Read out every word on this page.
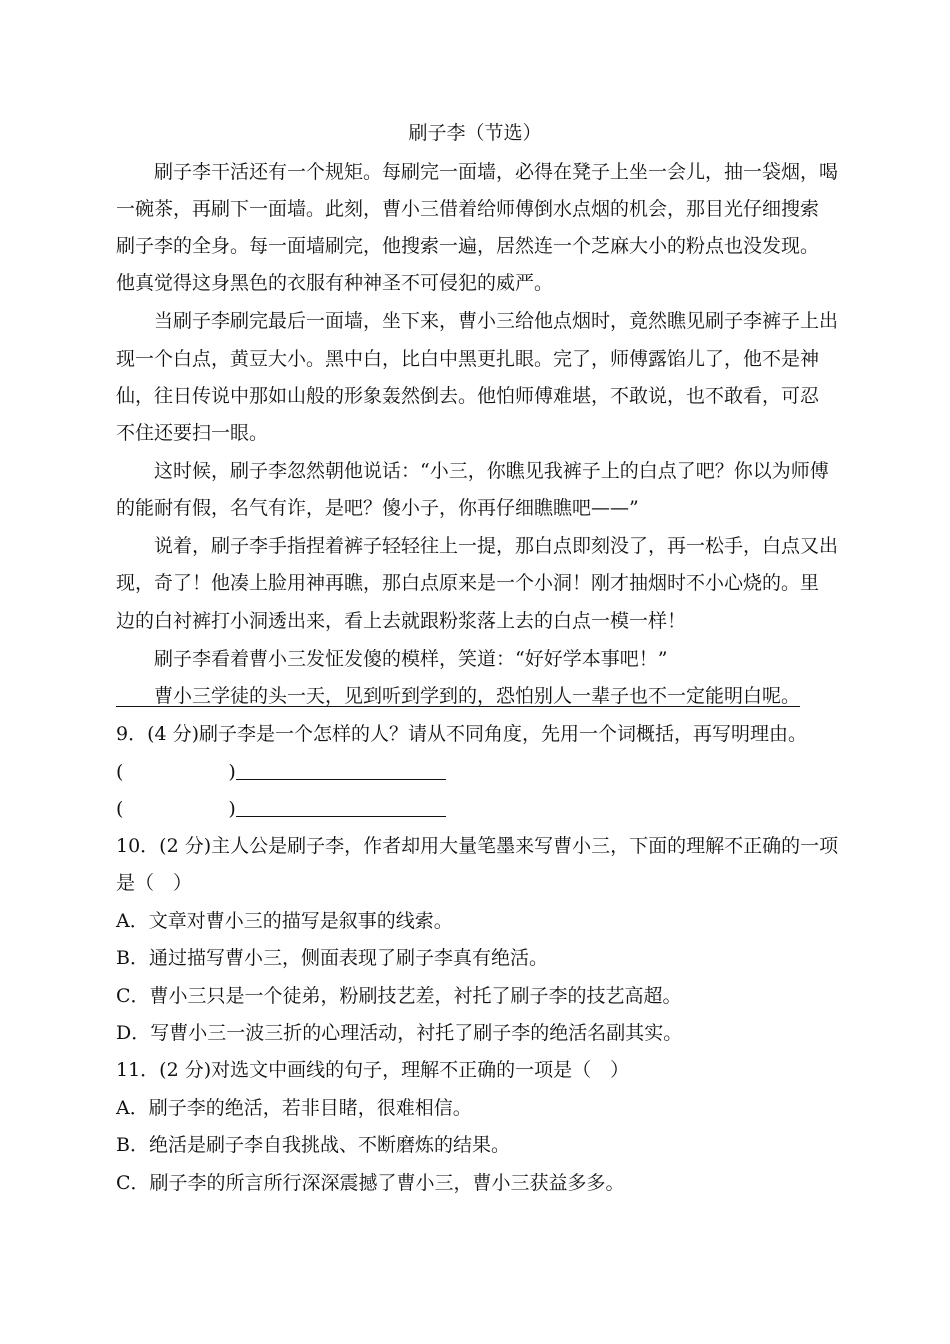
刷子李（节选）
　　刷子李干活还有一个规矩。每刷完一面墙，必得在凳子上坐一会儿，抽一袋烟，喝
一碗茶，再刷下一面墙。此刻，曹小三借着给师傅倒水点烟的机会，那目光仔细搜索
刷子李的全身。每一面墙刷完，他搜索一遍，居然连一个芝麻大小的粉点也没发现。
他真觉得这身黑色的衣服有种神圣不可侵犯的威严。
　　当刷子李刷完最后一面墙，坐下来，曹小三给他点烟时，竟然瞧见刷子李裤子上出
现一个白点，黄豆大小。黑中白，比白中黑更扎眼。完了，师傅露馅儿了，他不是神
仙，往日传说中那如山般的形象轰然倒去。他怕师傅难堪，不敢说，也不敢看，可忍
不住还要扫一眼。
　　这时候，刷子李忽然朝他说话：“小三，你瞧见我裤子上的白点了吧？你以为师傅
的能耐有假，名气有诈，是吧？傻小子，你再仔细瞧瞧吧——”
　　说着，刷子李手指捏着裤子轻轻往上一提，那白点即刻没了，再一松手，白点又出
现，奇了！他凑上脸用神再瞧，那白点原来是一个小洞！刚才抽烟时不小心烧的。里
边的白衬裤打小洞透出来，看上去就跟粉浆落上去的白点一模一样！
　　刷子李看着曹小三发怔发傻的模样，笑道：“好好学本事吧！”
　　曹小三学徒的头一天，见到听到学到的，恐怕别人一辈子也不一定能明白呢。
9．(4 分)刷子李是一个怎样的人？请从不同角度，先用一个词概括，再写明理由。
(	)
(	)
10．(2 分)主人公是刷子李，作者却用大量笔墨来写曹小三，下面的理解不正确的一项
是（　）
A．文章对曹小三的描写是叙事的线索。
B．通过描写曹小三，侧面表现了刷子李真有绝活。
C．曹小三只是一个徒弟，粉刷技艺差，衬托了刷子李的技艺高超。
D．写曹小三一波三折的心理活动，衬托了刷子李的绝活名副其实。
11．(2 分)对选文中画线的句子，理解不正确的一项是（　）
A．刷子李的绝活，若非目睹，很难相信。
B．绝活是刷子李自我挑战、不断磨炼的结果。
C．刷子李的所言所行深深震撼了曹小三，曹小三获益多多。
